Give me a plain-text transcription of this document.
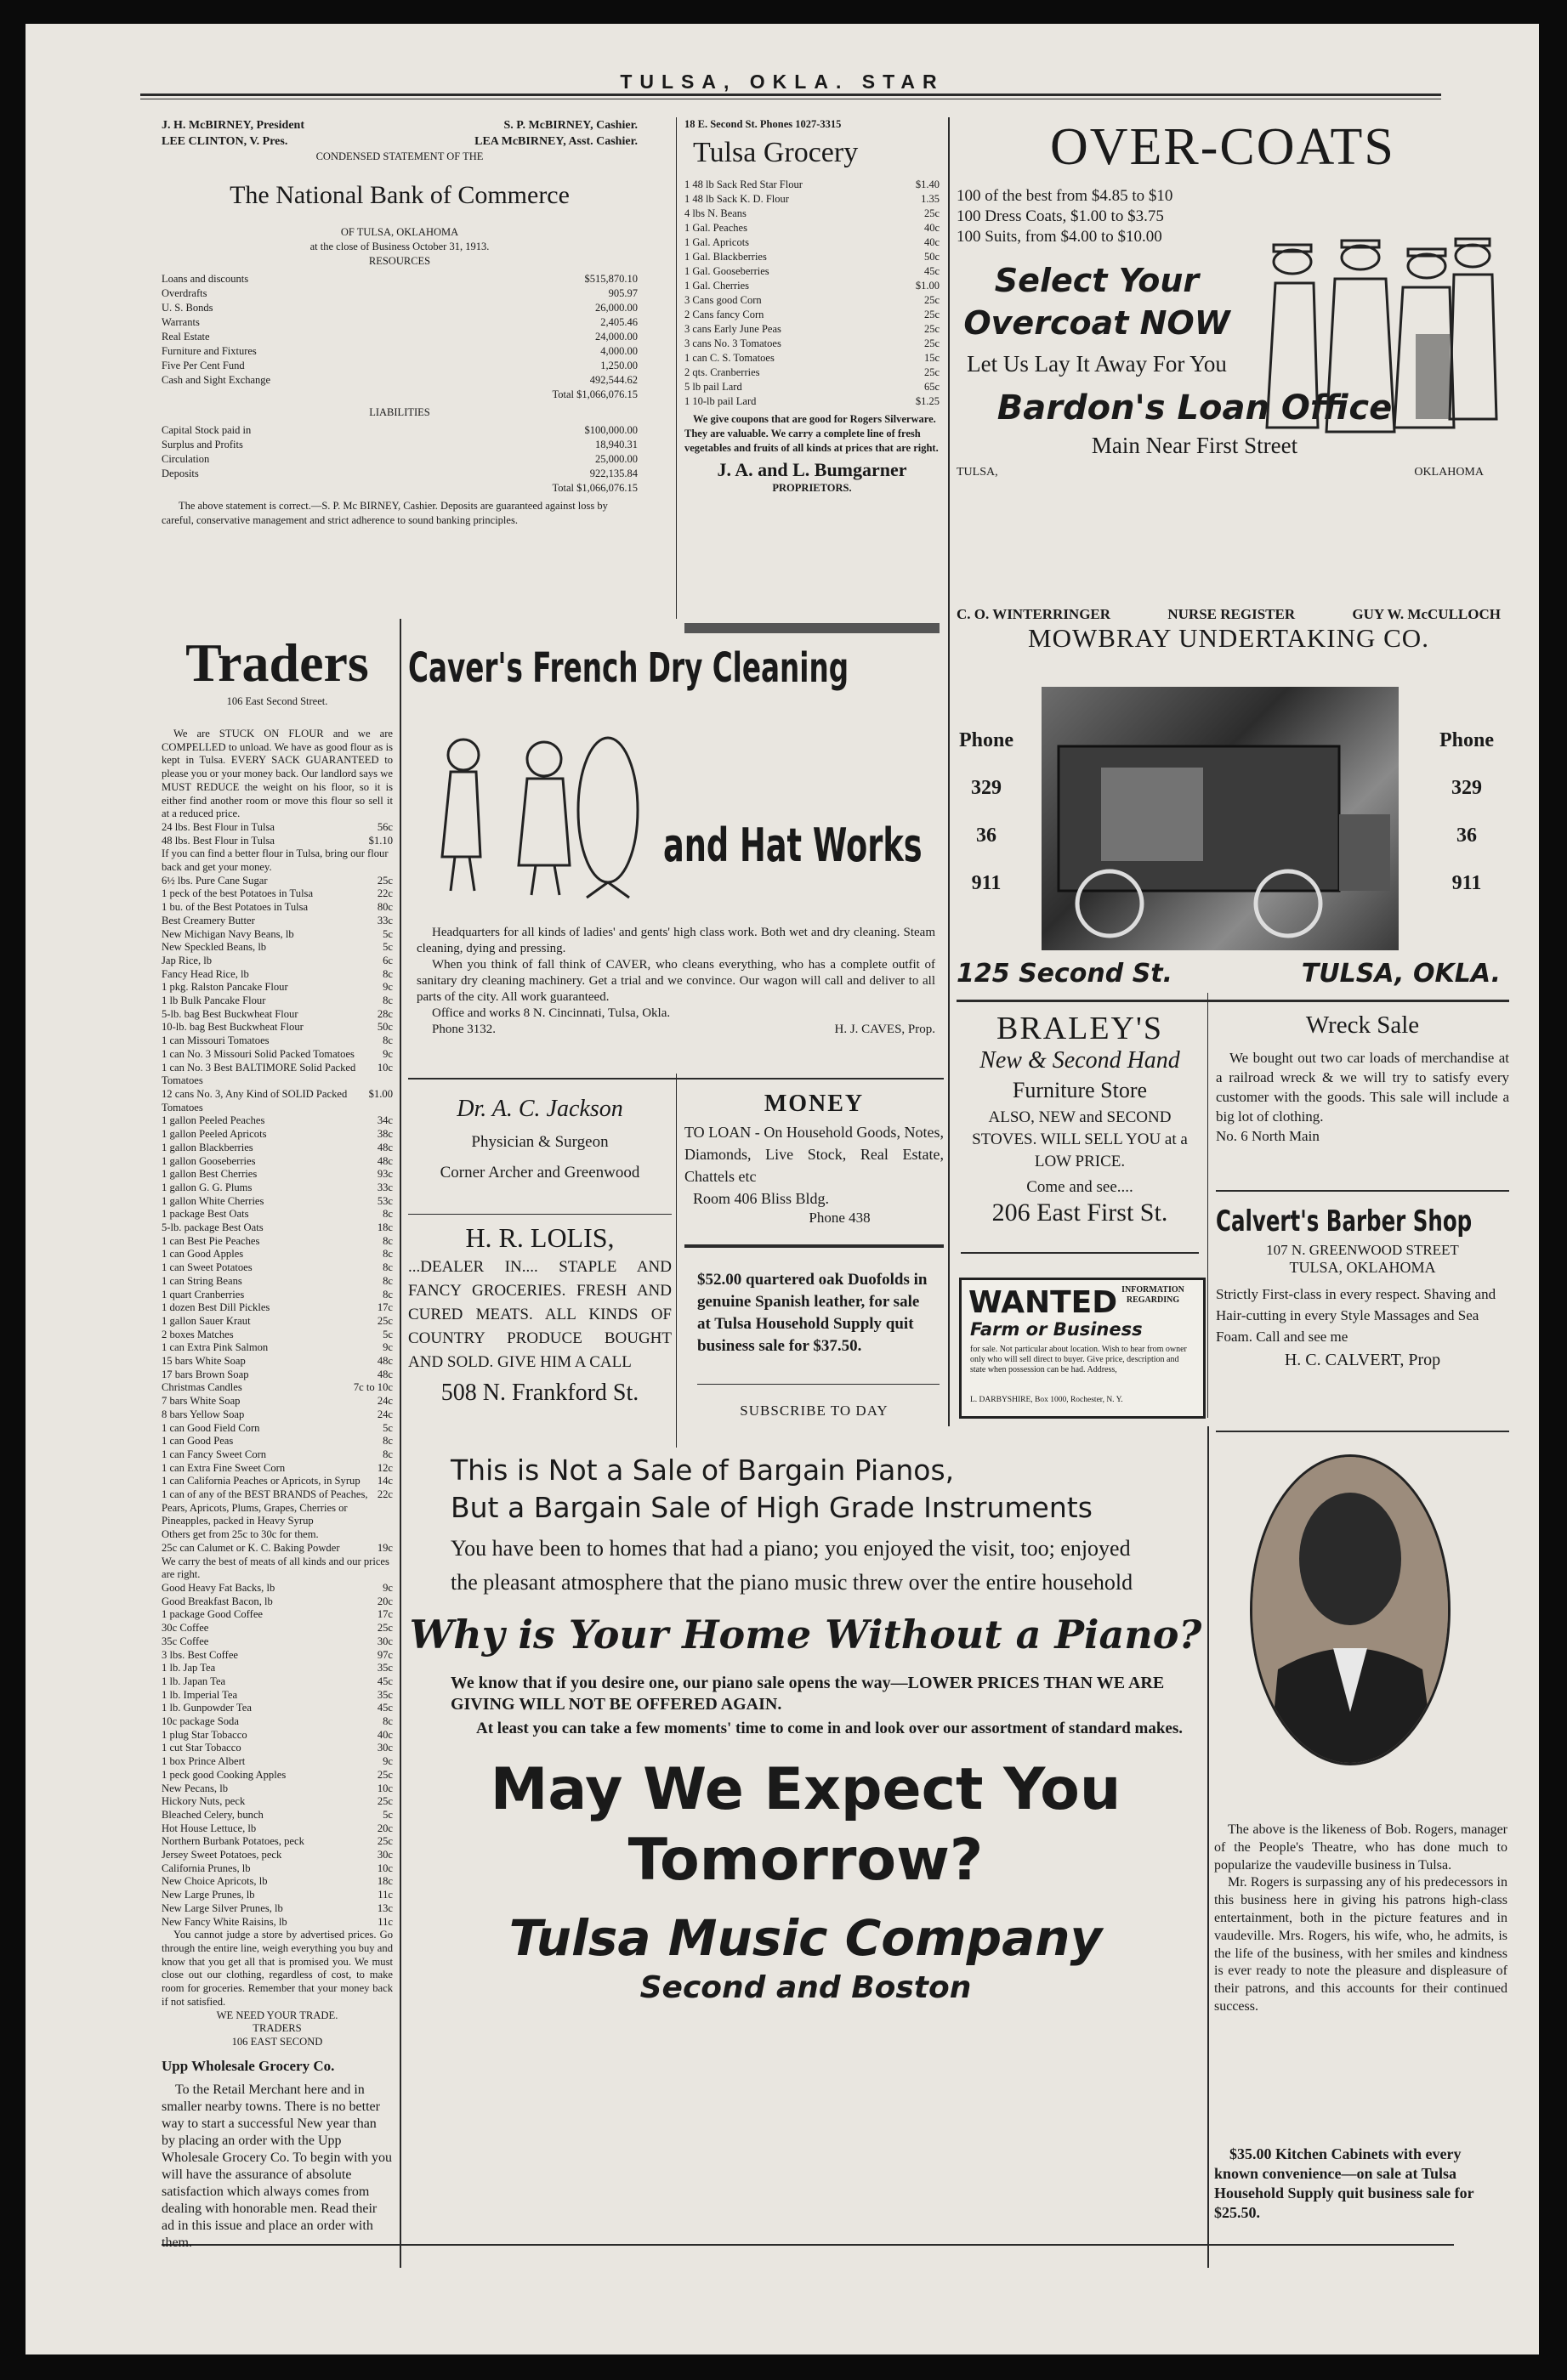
TULSA, OKLA. STAR
J. H. McBIRNEY, President	S. P. McBIRNEY, Cashier.
LEE CLINTON, V. Pres.	LEA McBIRNEY, Asst. Cashier.
CONDENSED STATEMENT OF THE
The National Bank of Commerce
OF TULSA, OKLAHOMA
at the close of Business October 31, 1913.
RESOURCES
Loans and discounts	$515,870.10
Overdrafts	905.97
U. S. Bonds	26,000.00
Warrants	2,405.46
Real Estate	24,000.00
Furniture and Fixtures	4,000.00
Five Per Cent Fund	1,250.00
Cash and Sight Exchange	492,544.62
Total $1,066,076.15
LIABILITIES
Capital Stock paid in	$100,000.00
Surplus and Profits	18,940.31
Circulation	25,000.00
Deposits	922,135.84
Total $1,066,076.15
The above statement is correct.—S. P. Mc BIRNEY, Cashier. Deposits are guaranteed against loss by careful, conservative management and strict adherence to sound banking principles.
18 E. Second St. Phones 1027-3315
Tulsa Grocery
1 48 lb Sack Red Star Flour	$1.40
1 48 lb Sack K. D. Flour	1.35
4 lbs N. Beans	25c
1 Gal. Peaches	40c
1 Gal. Apricots	40c
1 Gal. Blackberries	50c
1 Gal. Gooseberries	45c
1 Gal. Cherries	$1.00
3 Cans good Corn	25c
2 Cans fancy Corn	25c
3 cans Early June Peas	25c
3 cans No. 3 Tomatoes	25c
1 can C. S. Tomatoes	15c
2 qts. Cranberries	25c
5 lb pail Lard	65c
1 10-lb pail Lard	$1.25
We give coupons that are good for Rogers Silverware. They are valuable. We carry a complete line of fresh vegetables and fruits of all kinds at prices that are right.
J. A. and L. Bumgarner
PROPRIETORS.
OVER-COATS
100 of the best from $4.85 to $10
100 Dress Coats, $1.00 to $3.75
100 Suits, from $4.00 to $10.00
Select Your Overcoat NOW
Let Us Lay It Away For You
Bardon's Loan Office
Main Near First Street
TULSA,	OKLAHOMA
Traders
106 East Second Street.
We are STUCK ON FLOUR and we are COMPELLED to unload. We have as good flour as is kept in Tulsa. EVERY SACK GUARANTEED to please you or your money back. Our landlord says we MUST REDUCE the weight on his floor, so it is either find another room or move this flour so sell it at a reduced price.
24 lbs. Best Flour in Tulsa	56c
48 lbs. Best Flour in Tulsa	$1.10
If you can find a better flour in Tulsa, bring our flour back and get your money.
6½ lbs. Pure Cane Sugar	25c
1 peck of the best Potatoes in Tulsa	22c
1 bu. of the Best Potatoes in Tulsa	80c
Best Creamery Butter	33c
New Michigan Navy Beans, lb	5c
New Speckled Beans, lb	5c
Jap Rice, lb	6c
Fancy Head Rice, lb	8c
1 pkg. Ralston Pancake Flour	9c
1 lb Bulk Pancake Flour	8c
5-lb. bag Best Buckwheat Flour	28c
10-lb. bag Best Buckwheat Flour	50c
1 can Missouri Tomatoes	8c
1 can No. 3 Missouri Solid Packed Tomatoes	9c
1 can No. 3 Best BALTIMORE Solid Packed Tomatoes
10c
12 cans No. 3, Any Kind of SOLID Packed Tomatoes
$1.00
1 gallon Peeled Peaches	34c
1 gallon Peeled Apricots	38c
1 gallon Blackberries	48c
1 gallon Gooseberries	48c
1 gallon Best Cherries	93c
1 gallon G. G. Plums	33c
1 gallon White Cherries	53c
1 package Best Oats	8c
5-lb. package Best Oats	18c
1 can Best Pie Peaches	8c
1 can Good Apples	8c
1 can Sweet Potatoes	8c
1 can String Beans	8c
1 quart Cranberries	8c
1 dozen Best Dill Pickles	17c
1 gallon Sauer Kraut	25c
2 boxes Matches	5c
1 can Extra Pink Salmon	9c
15 bars White Soap	48c
17 bars Brown Soap	48c
Christmas Candles	7c to 10c
7 bars White Soap	24c
8 bars Yellow Soap	24c
1 can Good Field Corn	5c
1 can Good Peas	8c
1 can Fancy Sweet Corn	8c
1 can Extra Fine Sweet Corn	12c
1 can California Peaches or Apricots, in Syrup 14c
1 can of any of the BEST BRANDS of Peaches, Pears, Apricots, Plums, Grapes, Cherries or Pineapples, packed in Heavy Syrup
22c
Others get from 25c to 30c for them.
25c can Calumet or K. C. Baking Powder	19c
We carry the best of meats of all kinds and our prices are right.
Good Heavy Fat Backs, lb	9c
Good Breakfast Bacon, lb	20c
1 package Good Coffee	17c
30c Coffee	25c
35c Coffee	30c
3 lbs. Best Coffee	97c
1 lb. Jap Tea	35c
1 lb. Japan Tea	45c
1 lb. Imperial Tea	35c
1 lb. Gunpowder Tea	45c
10c package Soda	8c
1 plug Star Tobacco	40c
1 cut Star Tobacco	30c
1 box Prince Albert	9c
1 peck good Cooking Apples	25c
New Pecans, lb	10c
Hickory Nuts, peck	25c
Bleached Celery, bunch	5c
Hot House Lettuce, lb	20c
Northern Burbank Potatoes, peck	25c
Jersey Sweet Potatoes, peck	30c
California Prunes, lb	10c
New Choice Apricots, lb	18c
New Large Prunes, lb	11c
New Large Silver Prunes, lb	13c
New Fancy White Raisins, lb	11c
You cannot judge a store by advertised prices. Go through the entire line, weigh everything you buy and know that you get all that is promised you. We must close out our clothing, regardless of cost, to make room for groceries. Remember that your money back if not satisfied.
WE NEED YOUR TRADE.
TRADERS
106 EAST SECOND
Upp Wholesale Grocery Co.
To the Retail Merchant here and in smaller nearby towns. There is no better way to start a successful New year than by placing an order with the Upp Wholesale Grocery Co. To begin with you will have the assurance of absolute satisfaction which always comes from dealing with honorable men. Read their ad in this issue and place an order with them.
Caver's French Dry Cleaning
and Hat Works
Headquarters for all kinds of ladies' and gents' high class work. Both wet and dry cleaning. Steam cleaning, dying and pressing.
When you think of fall think of CAVER, who cleans everything, who has a complete outfit of sanitary dry cleaning machinery. Get a trial and we convince. Our wagon will call and deliver to all parts of the city. All work guaranteed.
Office and works 8 N. Cincinnati, Tulsa, Okla.
Phone 3132.	H. J. CAVES, Prop.
Dr. A. C. Jackson
Physician & Surgeon
Corner Archer and Greenwood
H. R. LOLIS,
...DEALER IN.... STAPLE AND FANCY GROCERIES. FRESH AND CURED MEATS. ALL KINDS OF COUNTRY PRODUCE BOUGHT AND SOLD. GIVE HIM A CALL
508 N. Frankford St.
MONEY
TO LOAN - On Household Goods, Notes, Diamonds, Live Stock, Real Estate, Chattels etc
Room 406 Bliss Bldg.
Phone 438
$52.00 quartered oak Duofolds in genuine Spanish leather, for sale at Tulsa Household Supply quit business sale for $37.50.
SUBSCRIBE TO DAY
C. O. WINTERRINGER	NURSE REGISTER	GUY W. McCULLOCH
MOWBRAY UNDERTAKING CO.
Phone
329
36
911
Phone
329
36
911
125 Second St.	TULSA, OKLA.
BRALEY'S
New & Second Hand
Furniture Store
ALSO, NEW and SECOND STOVES. WILL SELL YOU at a LOW PRICE.
Come and see....
206 East First St.
WANTED INFORMATION REGARDING
Farm or Business
for sale. Not particular about location. Wish to hear from owner only who will sell direct to buyer. Give price, description and state when possession can be had. Address,
L. DARBYSHIRE, Box 1000, Rochester, N. Y.
Wreck Sale
We bought out two car loads of merchandise at a railroad wreck & we will try to satisfy every customer with the goods. This sale will include a big lot of clothing.
No. 6 North Main
Calvert's Barber Shop
107 N. GREENWOOD STREET
TULSA, OKLAHOMA
Strictly First-class in every respect. Shaving and Hair-cutting in every Style Massages and Sea Foam. Call and see me
H. C. CALVERT, Prop
The above is the likeness of Bob. Rogers, manager of the People's Theatre, who has done much to popularize the vaudeville business in Tulsa.
Mr. Rogers is surpassing any of his predecessors in this business here in giving his patrons high-class entertainment, both in the picture features and in vaudeville. Mrs. Rogers, his wife, who, he admits, is the life of the business, with her smiles and kindness is ever ready to note the pleasure and displeasure of their patrons, and this accounts for their continued success.
$35.00 Kitchen Cabinets with every known convenience—on sale at Tulsa Household Supply quit business sale for $25.50.
This is Not a Sale of Bargain Pianos,
But a Bargain Sale of High Grade Instruments
You have been to homes that had a piano; you enjoyed the visit, too; enjoyed the pleasant atmosphere that the piano music threw over the entire household
Why is Your Home Without a Piano?
We know that if you desire one, our piano sale opens the way—LOWER PRICES THAN WE ARE GIVING WILL NOT BE OFFERED AGAIN.
At least you can take a few moments' time to come in and look over our assortment of standard makes.
May We Expect You
Tomorrow?
Tulsa Music Company
Second and Boston
